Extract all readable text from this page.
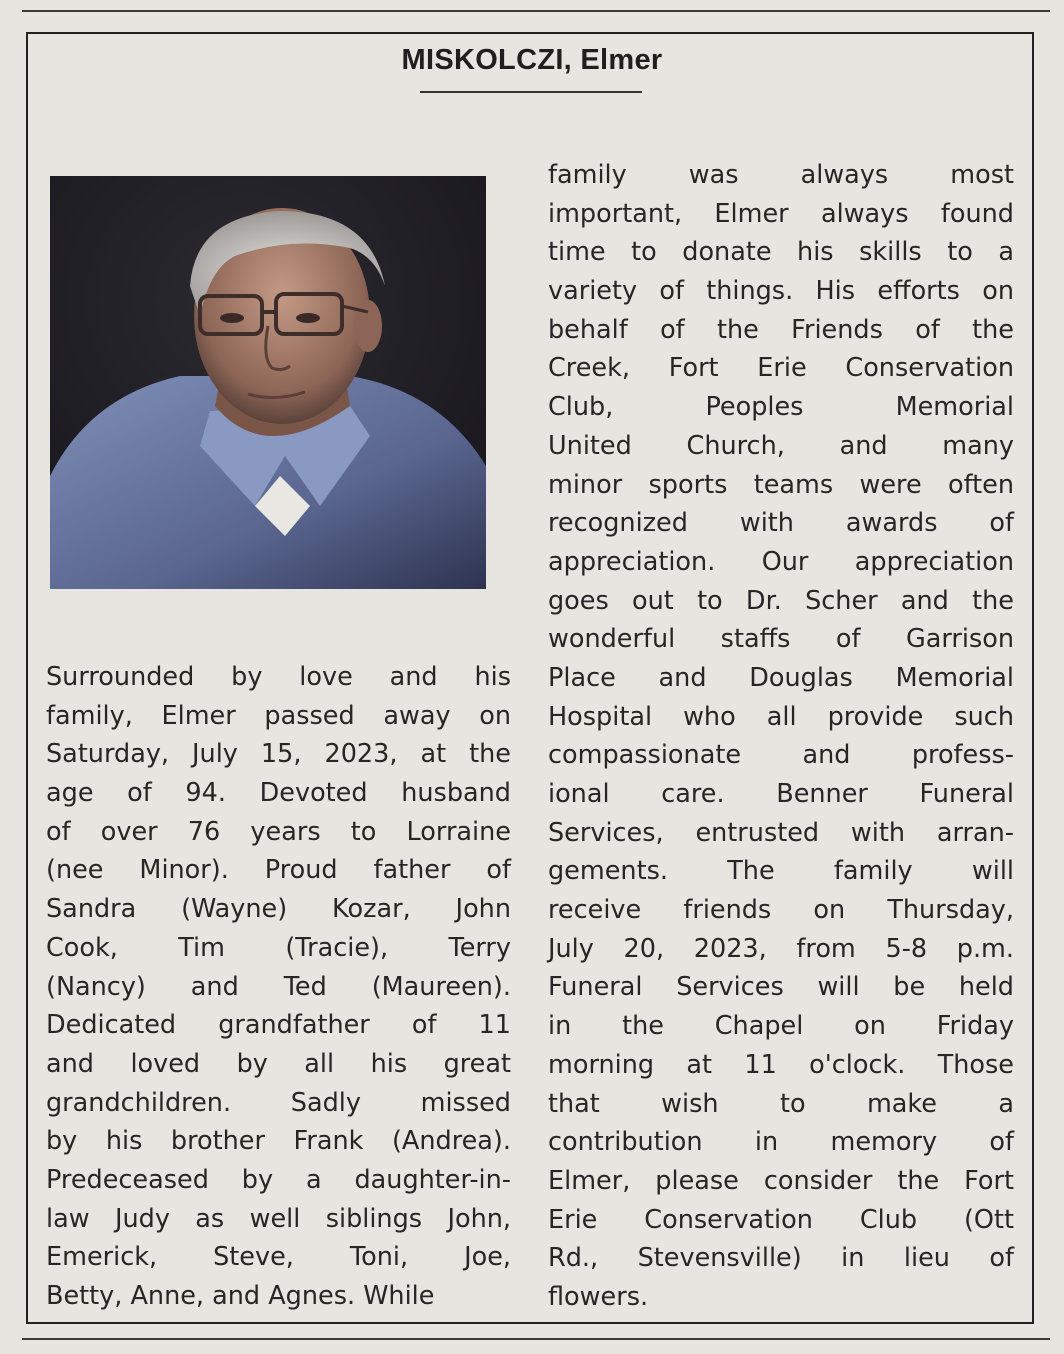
MISKOLCZI, Elmer
Surrounded by love and his
family, Elmer passed away on
Saturday, July 15, 2023, at the
age of 94. Devoted husband
of over 76 years to Lorraine
(nee Minor). Proud father of
Sandra (Wayne) Kozar, John
Cook, Tim (Tracie), Terry
(Nancy) and Ted (Maureen).
Dedicated grandfather of 11
and loved by all his great
grandchildren. Sadly missed
by his brother Frank (Andrea).
Predeceased by a daughter-in-
law Judy as well siblings John,
Emerick, Steve, Toni, Joe,
Betty, Anne, and Agnes. While
family was always most
important, Elmer always found
time to donate his skills to a
variety of things. His efforts on
behalf of the Friends of the
Creek, Fort Erie Conservation
Club, Peoples Memorial
United Church, and many
minor sports teams were often
recognized with awards of
appreciation. Our appreciation
goes out to Dr. Scher and the
wonderful staffs of Garrison
Place and Douglas Memorial
Hospital who all provide such
compassionate and profess-
ional care. Benner Funeral
Services, entrusted with arran-
gements. The family will
receive friends on Thursday,
July 20, 2023, from 5-8 p.m.
Funeral Services will be held
in the Chapel on Friday
morning at 11 o'clock. Those
that wish to make a
contribution in memory of
Elmer, please consider the Fort
Erie Conservation Club (Ott
Rd., Stevensville) in lieu of
flowers.
